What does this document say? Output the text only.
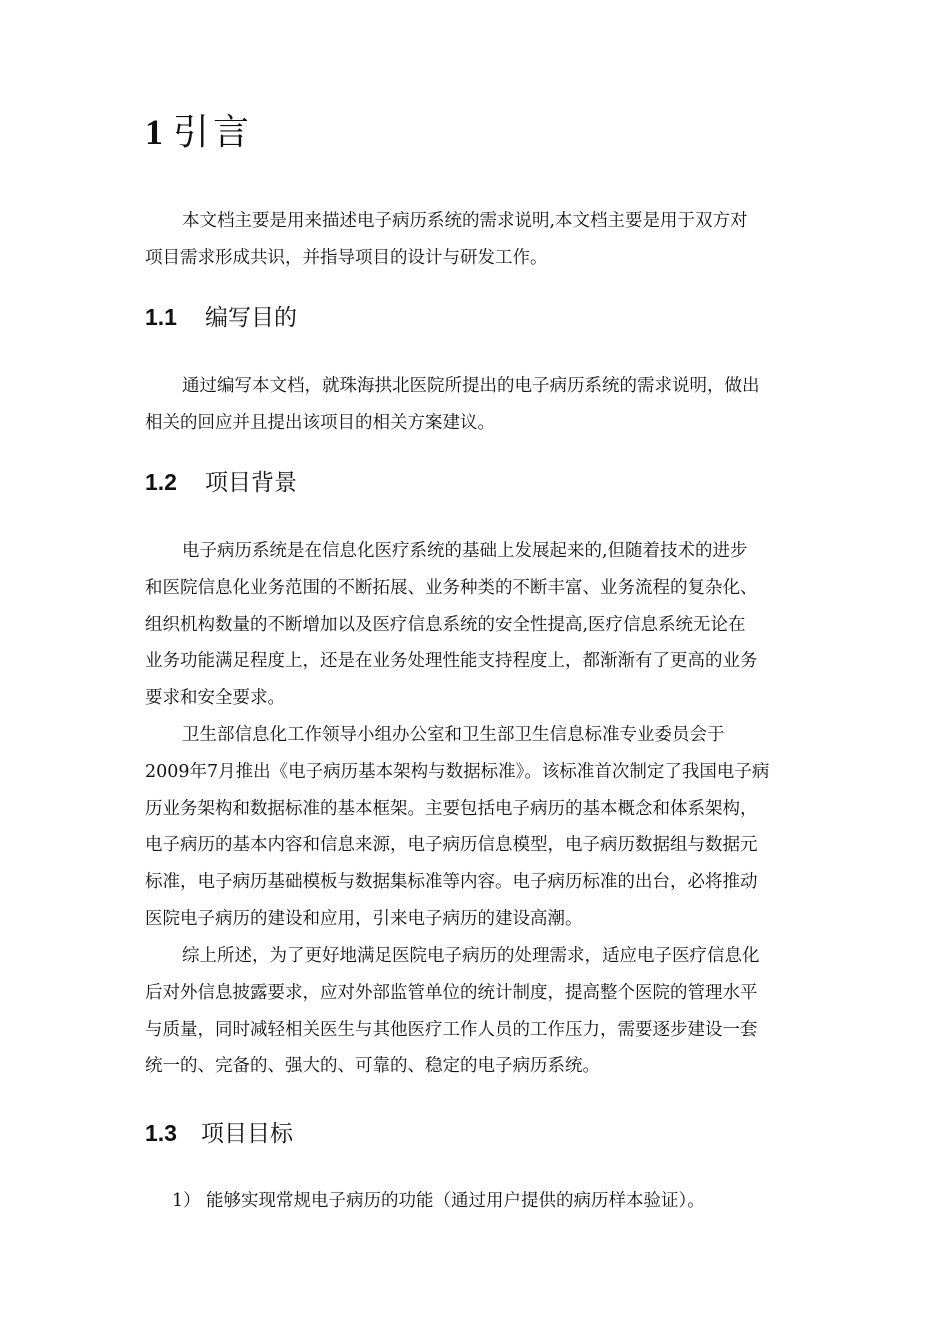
1 引言
本文档主要是用来描述电子病历系统的需求说明,本文档主要是用于双方对
项目需求形成共识，并指导项目的设计与研发工作。
1.1 编写目的
通过编写本文档，就珠海拱北医院所提出的电子病历系统的需求说明，做出
相关的回应并且提出该项目的相关方案建议。
1.2 项目背景
电子病历系统是在信息化医疗系统的基础上发展起来的,但随着技术的进步
和医院信息化业务范围的不断拓展、业务种类的不断丰富、业务流程的复杂化、
组织机构数量的不断增加以及医疗信息系统的安全性提高,医疗信息系统无论在
业务功能满足程度上，还是在业务处理性能支持程度上，都渐渐有了更高的业务
要求和安全要求。
卫生部信息化工作领导小组办公室和卫生部卫生信息标准专业委员会于
2009年7月推出《电子病历基本架构与数据标准》。该标准首次制定了我国电子病
历业务架构和数据标准的基本框架。主要包括电子病历的基本概念和体系架构，
电子病历的基本内容和信息来源，电子病历信息模型，电子病历数据组与数据元
标准，电子病历基础模板与数据集标准等内容。电子病历标准的出台，必将推动
医院电子病历的建设和应用，引来电子病历的建设高潮。
综上所述，为了更好地满足医院电子病历的处理需求，适应电子医疗信息化
后对外信息披露要求，应对外部监管单位的统计制度，提高整个医院的管理水平
与质量，同时减轻相关医生与其他医疗工作人员的工作压力，需要逐步建设一套
统一的、完备的、强大的、可靠的、稳定的电子病历系统。
1.3 项目目标
1） 能够实现常规电子病历的功能（通过用户提供的病历样本验证）。
